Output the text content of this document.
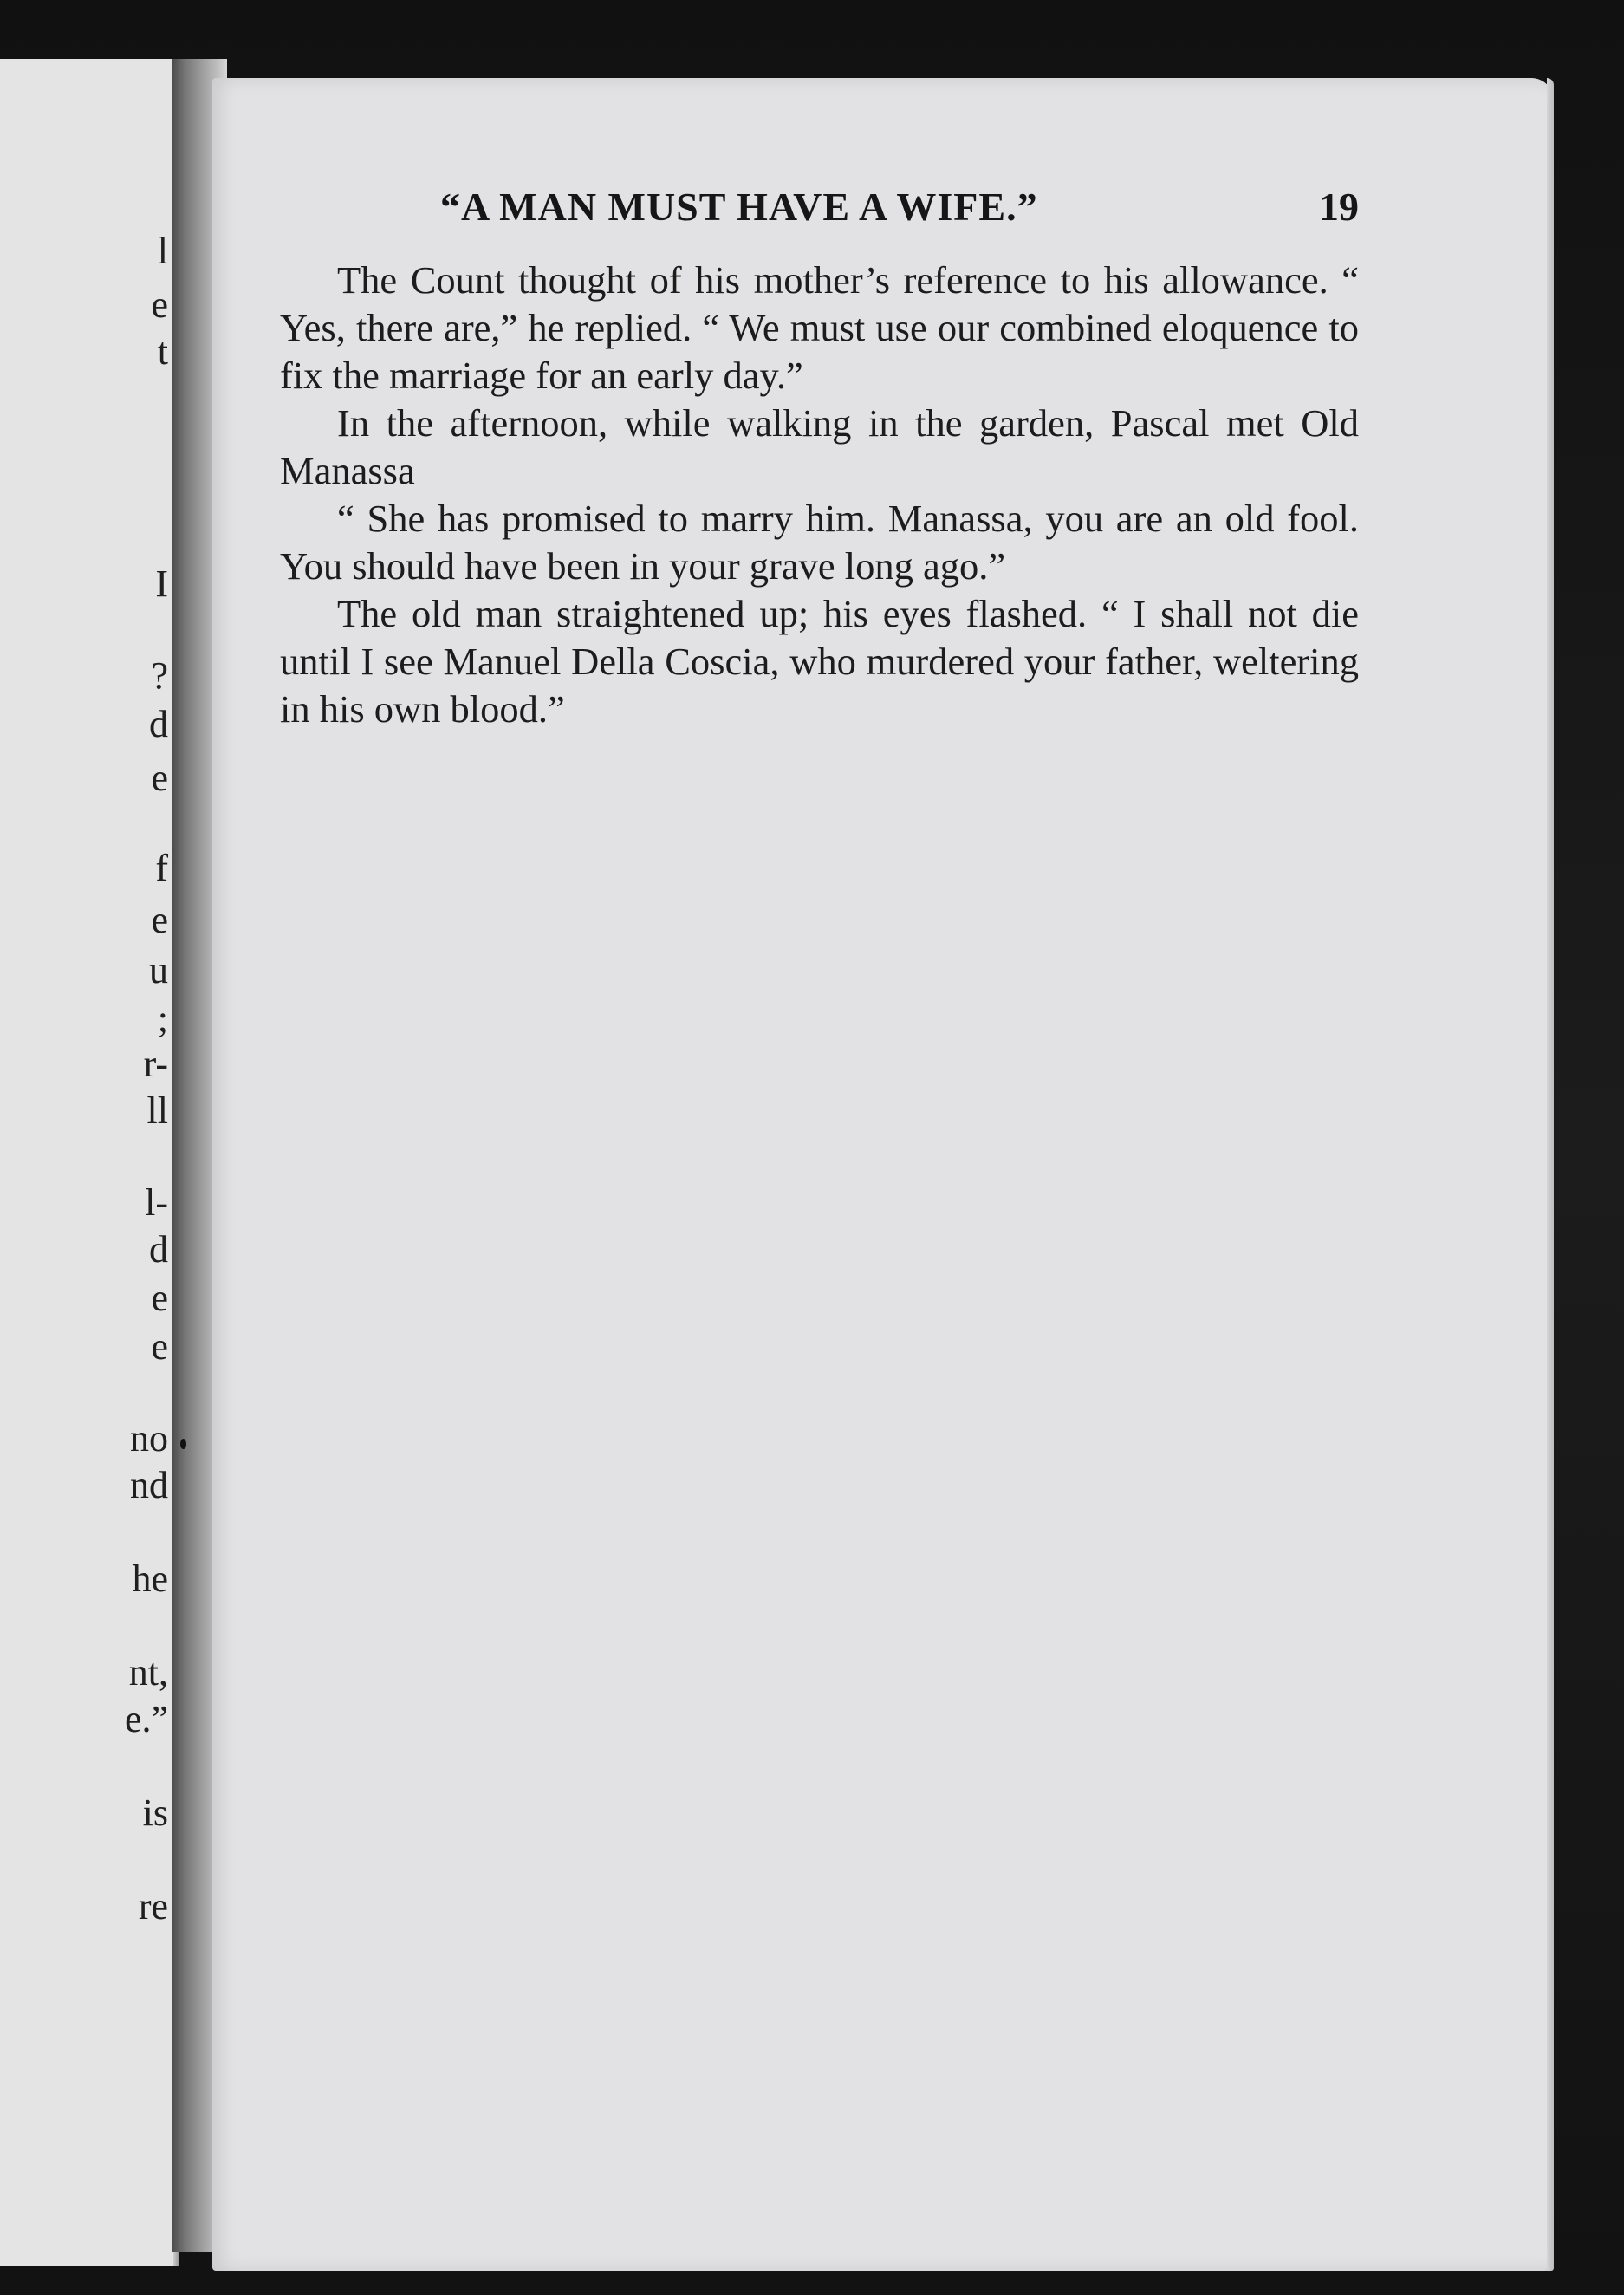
l
e
t
I
?
d
e
f
e
u
;
r-
ll
l-
d
e
e
no
nd
he
nt,
e.”
is
re
“A MAN MUST HAVE A WIFE.”	19

The Count thought of his mother’s reference to his allowance. “ Yes, there are,” he replied. “ We must use our combined eloquence to fix the marriage for an early day.”

In the afternoon, while walking in the garden, Pascal met Old Manassa

“ She has promised to marry him. Manassa, you are an old fool. You should have been in your grave long ago.”

The old man straightened up; his eyes flashed. “ I shall not die until I see Manuel Della Coscia, who murdered your father, weltering in his own blood.”
